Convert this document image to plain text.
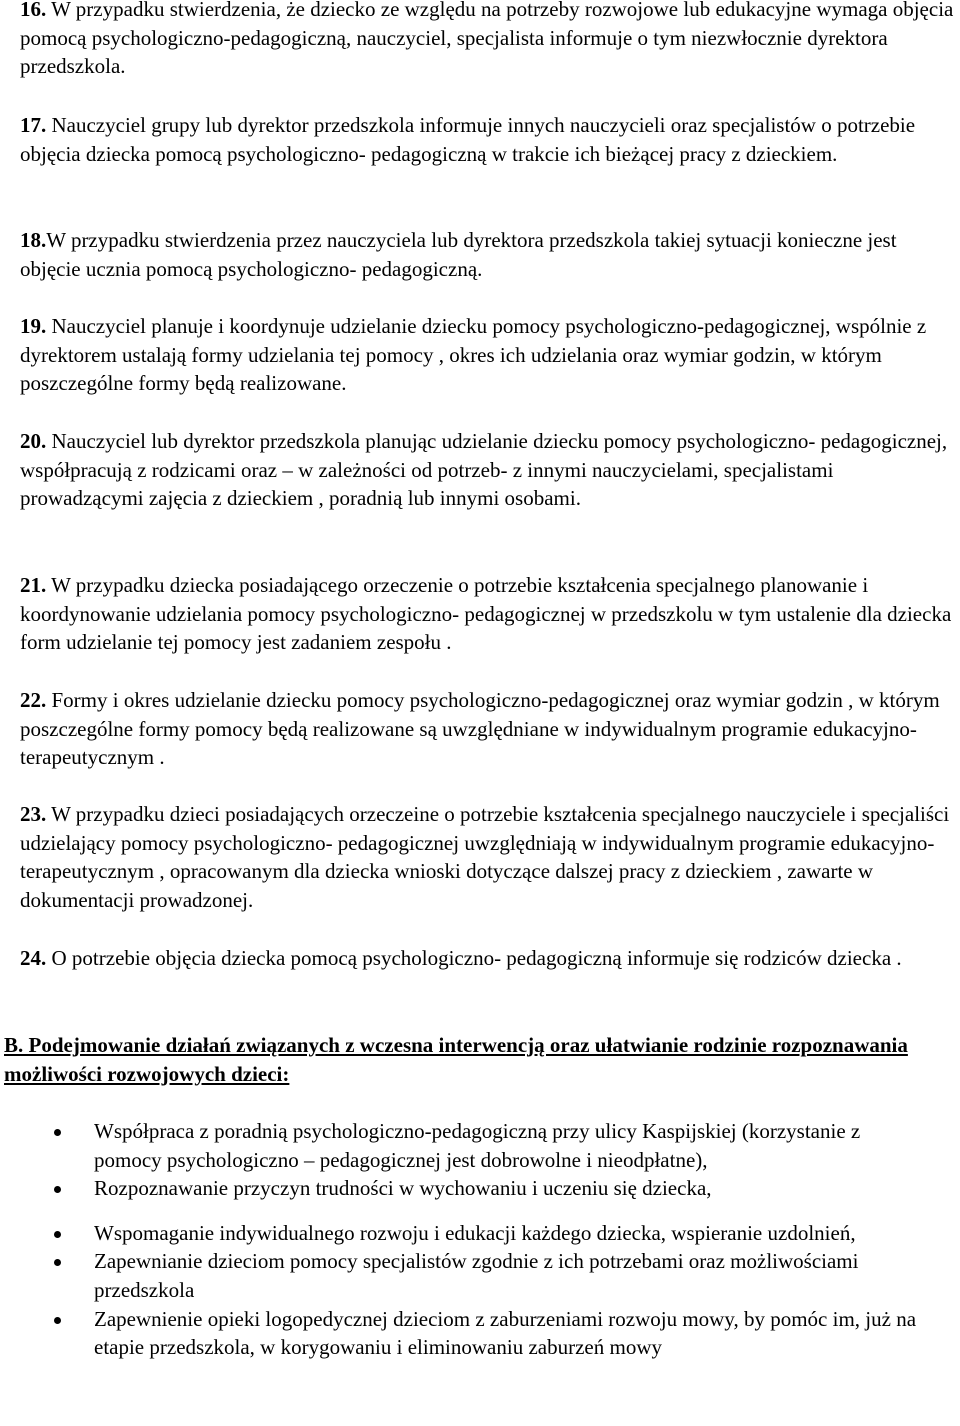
16. W przypadku stwierdzenia, że dziecko ze względu na potrzeby rozwojowe lub edukacyjne wymaga objęcia pomocą psychologiczno-pedagogiczną, nauczyciel, specjalista informuje o tym niezwłocznie dyrektora przedszkola.

17. Nauczyciel grupy lub dyrektor przedszkola informuje innych nauczycieli oraz specjalistów o potrzebie objęcia dziecka pomocą psychologiczno- pedagogiczną w trakcie ich bieżącej pracy z dzieckiem.

18.W przypadku stwierdzenia przez nauczyciela lub dyrektora przedszkola takiej sytuacji konieczne jest objęcie ucznia pomocą psychologiczno- pedagogiczną.

19. Nauczyciel planuje i koordynuje udzielanie dziecku pomocy psychologiczno-pedagogicznej, wspólnie z dyrektorem ustalają formy udzielania tej pomocy , okres ich udzielania oraz wymiar godzin, w którym poszczególne formy będą realizowane.

20. Nauczyciel lub dyrektor przedszkola planując udzielanie dziecku pomocy psychologiczno- pedagogicznej, współpracują z rodzicami oraz – w zależności od potrzeb- z innymi nauczycielami, specjalistami prowadzącymi zajęcia z dzieckiem , poradnią lub innymi osobami.

21. W przypadku dziecka posiadającego orzeczenie o potrzebie kształcenia specjalnego planowanie i koordynowanie udzielania pomocy psychologiczno- pedagogicznej w przedszkolu w tym ustalenie dla dziecka form udzielanie tej pomocy jest zadaniem zespołu .

22. Formy i okres udzielanie dziecku pomocy psychologiczno-pedagogicznej oraz wymiar godzin , w którym poszczególne formy pomocy będą realizowane są uwzględniane w indywidualnym programie edukacyjno- terapeutycznym .

23. W przypadku dzieci posiadających orzeczeine o potrzebie kształcenia specjalnego nauczyciele i specjaliści udzielający pomocy psychologiczno- pedagogicznej uwzględniają w indywidualnym programie edukacyjno- terapeutycznym , opracowanym dla dziecka wnioski dotyczące dalszej pracy z dzieckiem , zawarte w dokumentacji prowadzonej.

24. O potrzebie objęcia dziecka pomocą psychologiczno- pedagogiczną informuje się rodziców dziecka .

B. Podejmowanie działań związanych z wczesna interwencją oraz ułatwianie rodzinie rozpoznawania możliwości rozwojowych dzieci:

Współpraca z poradnią psychologiczno-pedagogiczną przy ulicy Kaspijskiej (korzystanie z pomocy psychologiczno – pedagogicznej jest dobrowolne i nieodpłatne),
Rozpoznawanie przyczyn trudności w wychowaniu i uczeniu się dziecka,
Wspomaganie indywidualnego rozwoju i edukacji każdego dziecka, wspieranie uzdolnień,
Zapewnianie dzieciom pomocy specjalistów zgodnie z ich potrzebami oraz możliwościami przedszkola
Zapewnienie opieki logopedycznej dzieciom z zaburzeniami rozwoju mowy, by pomóc im, już na etapie przedszkola, w korygowaniu i eliminowaniu zaburzeń mowy
